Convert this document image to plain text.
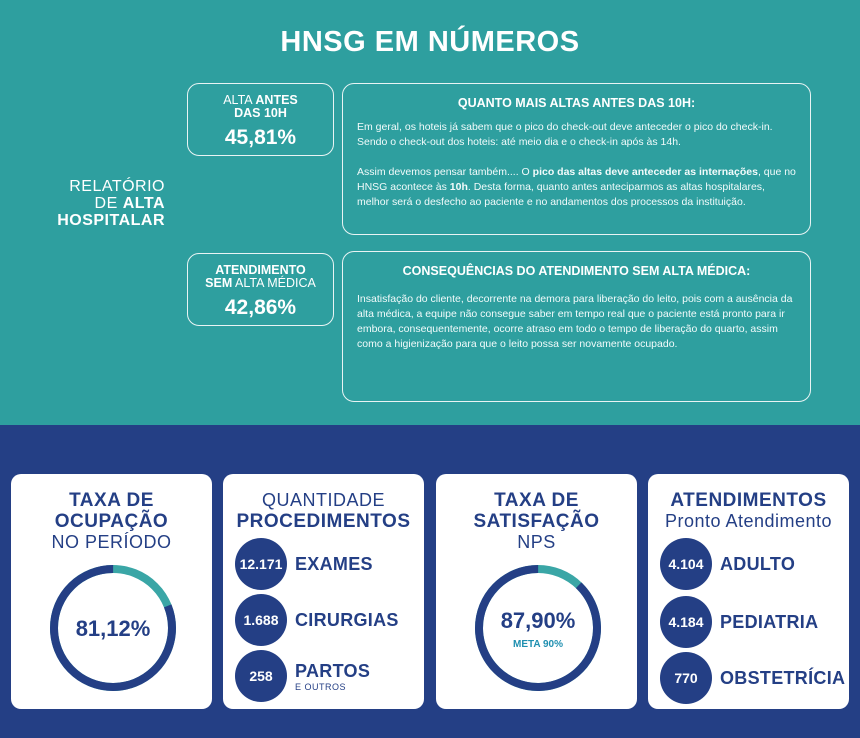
HNSG EM NÚMEROS
RELATÓRIO
DE ALTA
HOSPITALAR
ALTA ANTES
DAS 10H
45,81%
ATENDIMENTO
SEM ALTA MÉDICA
42,86%
QUANTO MAIS ALTAS ANTES DAS 10H:
Em geral, os hoteis já sabem que o pico do check-out deve anteceder o pico do check-in. Sendo o check-out dos hoteis: até meio dia e o check-in após às 14h.
Assim devemos pensar também.... O pico das altas deve anteceder as internações, que no HNSG acontece às 10h. Desta forma, quanto antes anteciparmos as altas hospitalares, melhor será o desfecho ao paciente e no andamentos dos processos da instituição.
CONSEQUÊNCIAS DO ATENDIMENTO SEM ALTA MÉDICA:
Insatisfação do cliente, decorrente na demora para liberação do leito, pois com a ausência da alta médica, a equipe não consegue saber em tempo real que o paciente está pronto para ir embora, consequentemente, ocorre atraso em todo o tempo de liberação do quarto, assim como a higienização para que o leito possa ser novamente ocupado.
TAXA DE
OCUPAÇÃO
NO PERÍODO
81,12%
QUANTIDADE
PROCEDIMENTOS
12.171 EXAMES
1.688 CIRURGIAS
258	PARTOS
E OUTROS
TAXA DE
SATISFAÇÃO
NPS
87,90%
META 90%
ATENDIMENTOS
Pronto Atendimento
4.104 ADULTO
4.184 PEDIATRIA
770	OBSTETRÍCIA
